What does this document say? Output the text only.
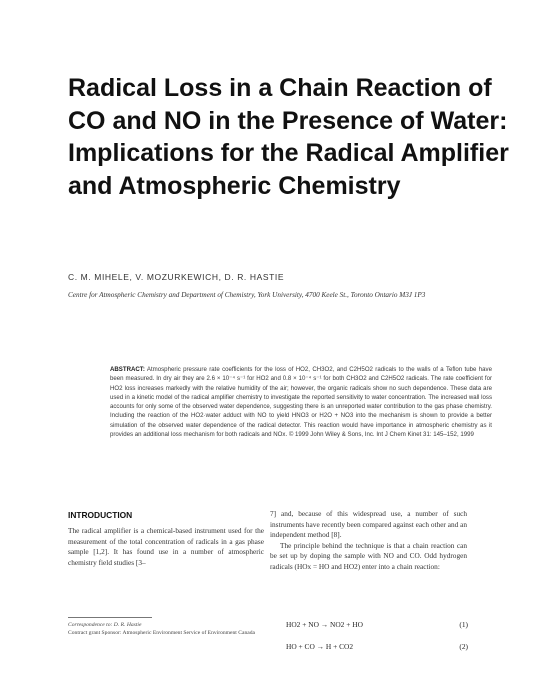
Radical Loss in a Chain Reaction of CO and NO in the Presence of Water: Implications for the Radical Amplifier and Atmospheric Chemistry
C. M. MIHELE, V. MOZURKEWICH, D. R. HASTIE
Centre for Atmospheric Chemistry and Department of Chemistry, York University, 4700 Keele St., Toronto Ontario M3J 1P3

ABSTRACT: Atmospheric pressure rate coefficients for the loss of HO2, CH3O2, and C2H5O2 radicals to the walls of a Teflon tube have been measured. In dry air they are 2.6 × 10⁻⁴ s⁻¹ for HO2 and 0.8 × 10⁻⁴ s⁻¹ for both CH3O2 and C2H5O2 radicals. The rate coefficient for HO2 loss increases markedly with the relative humidity of the air; however, the organic radicals show no such dependence. These data are used in a kinetic model of the radical amplifier chemistry to investigate the reported sensitivity to water concentration. The increased wall loss accounts for only some of the observed water dependence, suggesting there is an unreported water contribution to the gas phase chemistry. Including the reaction of the HO2·water adduct with NO to yield HNO3 or H2O + NO3 into the mechanism is shown to provide a better simulation of the observed water dependence of the radical detector. This reaction would have importance in atmospheric chemistry as it provides an additional loss mechanism for both radicals and NOx. © 1999 John Wiley & Sons, Inc. Int J Chem Kinet 31: 145–152, 1999

INTRODUCTION

The radical amplifier is a chemical-based instrument used for the measurement of the total concentration of radicals in a gas phase sample [1,2]. It has found use in a number of atmospheric chemistry field studies [3–

7] and, because of this widespread use, a number of such instruments have recently been compared against each other and an independent method [8].

The principle behind the technique is that a chain reaction can be set up by doping the sample with NO and CO. Odd hydrogen radicals (HOx = HO and HO2) enter into a chain reaction:

Correspondence to: D. R. Hastie
Contract grant Sponsor: Atmospheric Environment Service of Environment Canada

HO2 + NO → NO2 + HO	(1)
HO + CO → H + CO2	(2)
